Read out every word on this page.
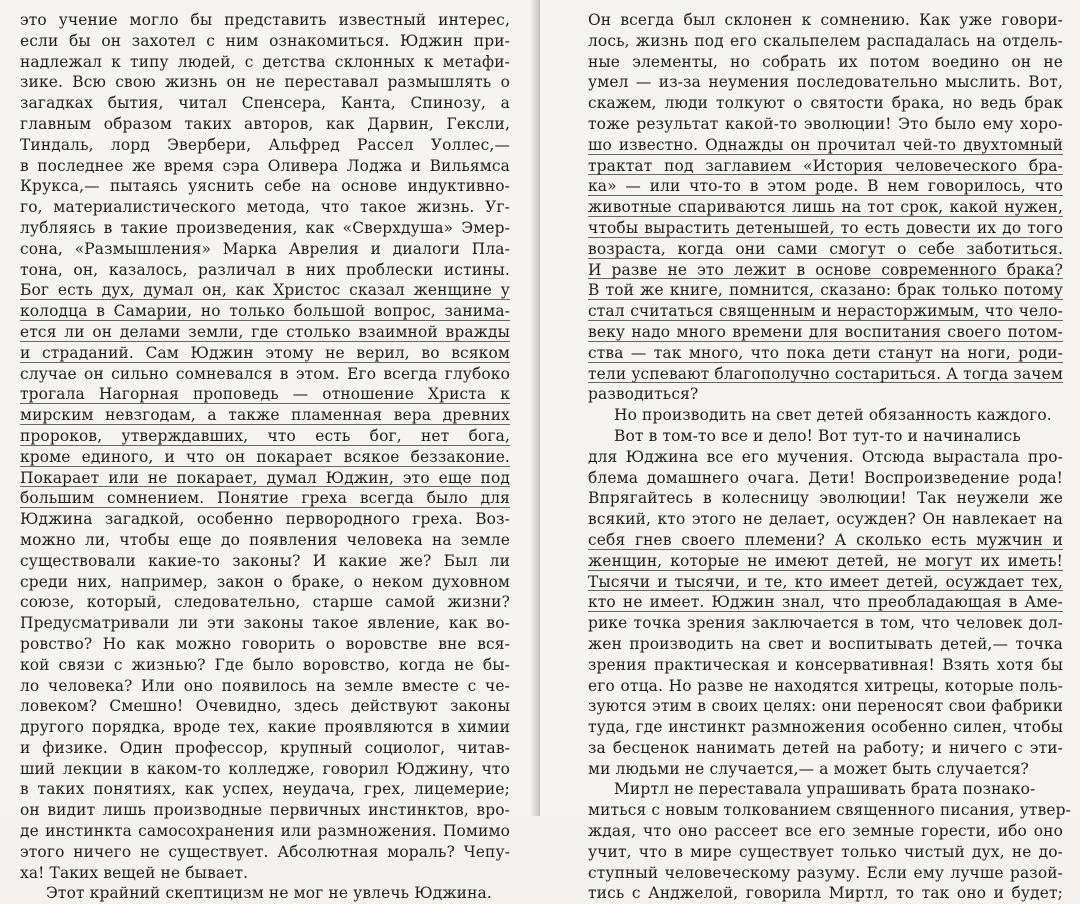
это учение могло бы представить известный интерес,
если бы он захотел с ним ознакомиться. Юджин при-
надлежал к типу людей, с детства склонных к метафи-
зике. Всю свою жизнь он не переставал размышлять о
загадках бытия, читал Спенсера, Канта, Спинозу, а
главным образом таких авторов, как Дарвин, Гексли,
Тиндаль, лорд Эвербери, Альфред Рассел Уоллес,—
в последнее же время сэра Оливера Лоджа и Вильямса
Крукса,— пытаясь уяснить себе на основе индуктивно-
го, материалистического метода, что такое жизнь. Уг-
лубляясь в такие произведения, как «Сверхдуша» Эмер-
сона, «Размышления» Марка Аврелия и диалоги Пла-
тона, он, казалось, различал в них проблески истины.
Бог есть дух, думал он, как Христос сказал женщине у
колодца в Самарии, но только большой вопрос, занима-
ется ли он делами земли, где столько взаимной вражды
и страданий. Сам Юджин этому не верил, во всяком
случае он сильно сомневался в этом. Его всегда глубоко
трогала Нагорная проповедь — отношение Христа к
мирским невзгодам, а также пламенная вера древних
пророков, утверждавших, что есть бог, нет бога,
кроме единого, и что он покарает всякое беззаконие.
Покарает или не покарает, думал Юджин, это еще под
большим сомнением. Понятие греха всегда было для
Юджина загадкой, особенно первородного греха. Воз-
можно ли, чтобы еще до появления человека на земле
существовали какие-то законы? И какие же? Был ли
среди них, например, закон о браке, о неком духовном
союзе, который, следовательно, старше самой жизни?
Предусматривали ли эти законы такое явление, как во-
ровство? Но как можно говорить о воровстве вне вся-
кой связи с жизнью? Где было воровство, когда не бы-
ло человека? Или оно появилось на земле вместе с че-
ловеком? Смешно! Очевидно, здесь действуют законы
другого порядка, вроде тех, какие проявляются в химии
и физике. Один профессор, крупный социолог, читав-
ший лекции в каком-то колледже, говорил Юджину, что
в таких понятиях, как успех, неудача, грех, лицемерие;
он видит лишь производные первичных инстинктов, вро-
де инстинкта самосохранения или размножения. Помимо
этого ничего не существует. Абсолютная мораль? Чепу-
ха! Таких вещей не бывает.
Этот крайний скептицизм не мог не увлечь Юджина.
Он всегда был склонен к сомнению. Как уже говори-
лось, жизнь под его скальпелем распадалась на отдель-
ные элементы, но собрать их потом воедино он не
умел — из-за неумения последовательно мыслить. Вот,
скажем, люди толкуют о святости брака, но ведь брак
тоже результат какой-то эволюции! Это было ему хоро-
шо известно. Однажды он прочитал чей-то двухтомный
трактат под заглавием «История человеческого бра-
ка» — или что-то в этом роде. В нем говорилось, что
животные спариваются лишь на тот срок, какой нужен,
чтобы вырастить детенышей, то есть довести их до того
возраста, когда они сами смогут о себе заботиться.
И разве не это лежит в основе современного брака?
В той же книге, помнится, сказано: брак только потому
стал считаться священным и нерасторжимым, что чело-
веку надо много времени для воспитания своего потом-
ства — так много, что пока дети станут на ноги, роди-
тели успевают благополучно состариться. А тогда зачем
разводиться?
Но производить на свет детей обязанность каждого.
Вот в том-то все и дело! Вот тут-то и начинались
для Юджина все его мучения. Отсюда вырастала про-
блема домашнего очага. Дети! Воспроизведение рода!
Впрягайтесь в колесницу эволюции! Так неужели же
всякий, кто этого не делает, осужден? Он навлекает на
себя гнев своего племени? А сколько есть мужчин и
женщин, которые не имеют детей, не могут их иметь!
Тысячи и тысячи, и те, кто имеет детей, осуждает тех,
кто не имеет. Юджин знал, что преобладающая в Аме-
рике точка зрения заключается в том, что человек дол-
жен производить на свет и воспитывать детей,— точка
зрения практическая и консервативная! Взять хотя бы
его отца. Но разве не находятся хитрецы, которые поль-
зуются этим в своих целях: они переносят свои фабрики
туда, где инстинкт размножения особенно силен, чтобы
за бесценок нанимать детей на работу; и ничего с эти-
ми людьми не случается,— а может быть случается?
Миртл не переставала упрашивать брата познако-
миться с новым толкованием священного писания, утвер-
ждая, что оно рассеет все его земные горести, ибо оно
учит, что в мире существует только чистый дух, не до-
ступный человеческому разуму. Если ему лучше разой-
тись с Анджелой, говорила Миртл, то так оно и будет;
